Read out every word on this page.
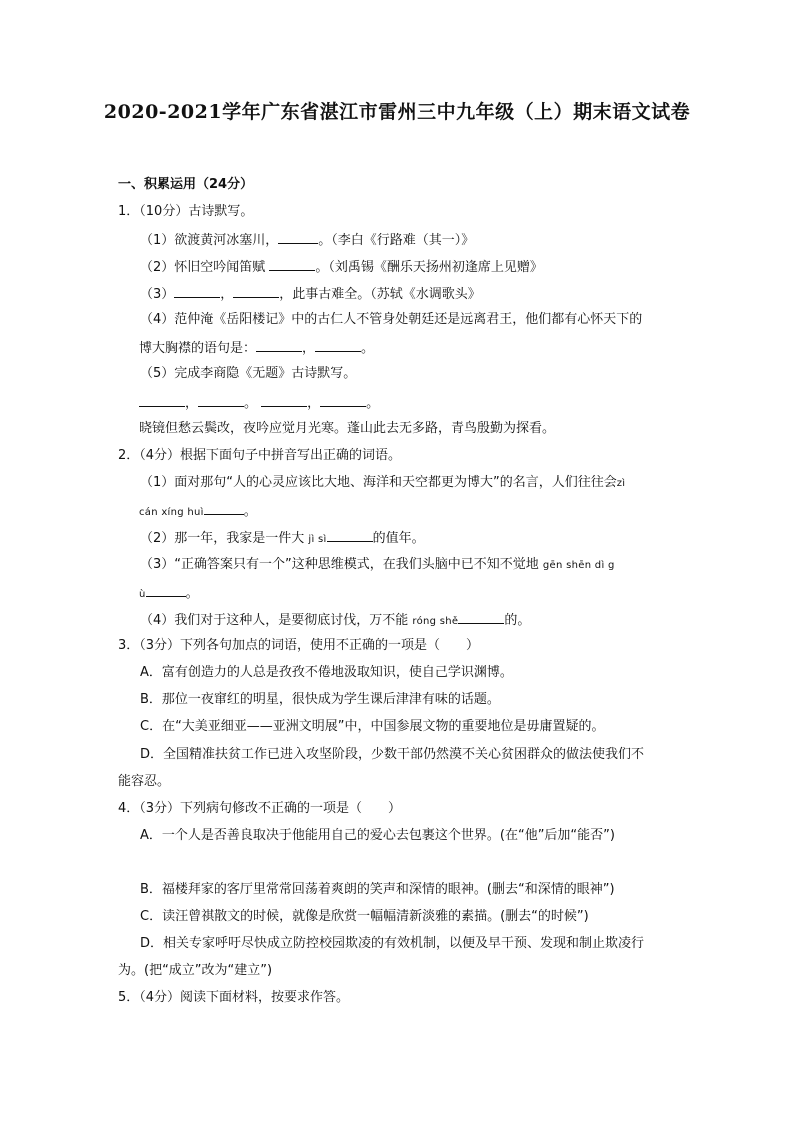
2020-2021学年广东省湛江市雷州三中九年级（上）期末语文试卷
一、积累运用（24分）
1．（10分）古诗默写。
（1）欲渡黄河冰塞川，	。（李白《行路难（其一）》
（2）怀旧空吟闻笛赋	。（刘禹锡《酬乐天扬州初逢席上见赠》
（3）	，	，此事古难全。（苏轼《水调歌头》
（4）范仲淹《岳阳楼记》中的古仁人不管身处朝廷还是远离君王，他们都有心怀天下的
博大胸襟的语句是：	，	。
（5）完成李商隐《无题》古诗默写。
，	。	，	。
晓镜但愁云鬓改，夜吟应觉月光寒。蓬山此去无多路，青鸟殷勤为探看。
2．（4分）根据下面句子中拼音写出正确的词语。
（1）面对那句“人的心灵应该比大地、海洋和天空都更为博大”的名言，人们往往会zì
cán xíng huì	。
（2）那一年，我家是一件大 jì sì	的值年。
（3）“正确答案只有一个”这种思维模式，在我们头脑中已不知不觉地 gēn shēn dì g
ù	。
（4）我们对于这种人，是要彻底讨伐，万不能 róng shě	的。
3．（3分）下列各句加点的词语，使用不正确的一项是（　　）
A．富有创造力的人总是孜孜不倦地汲取知识，使自己学识渊博。
B．那位一夜窜红的明星，很快成为学生课后津津有味的话题。
C．在“大美亚细亚——亚洲文明展”中，中国参展文物的重要地位是毋庸置疑的。
D．全国精准扶贫工作已进入攻坚阶段，少数干部仍然漠不关心贫困群众的做法使我们不
能容忍。
4．（3分）下列病句修改不正确的一项是（　　）
A．一个人是否善良取决于他能用自己的爱心去包裹这个世界。(在“他”后加“能否”)
B．福楼拜家的客厅里常常回荡着爽朗的笑声和深情的眼神。(删去“和深情的眼神”)
C．读汪曾祺散文的时候，就像是欣赏一幅幅清新淡雅的素描。(删去“的时候”)
D．相关专家呼吁尽快成立防控校园欺凌的有效机制，以便及早干预、发现和制止欺凌行
为。(把“成立”改为“建立”)
5．（4分）阅读下面材料，按要求作答。
